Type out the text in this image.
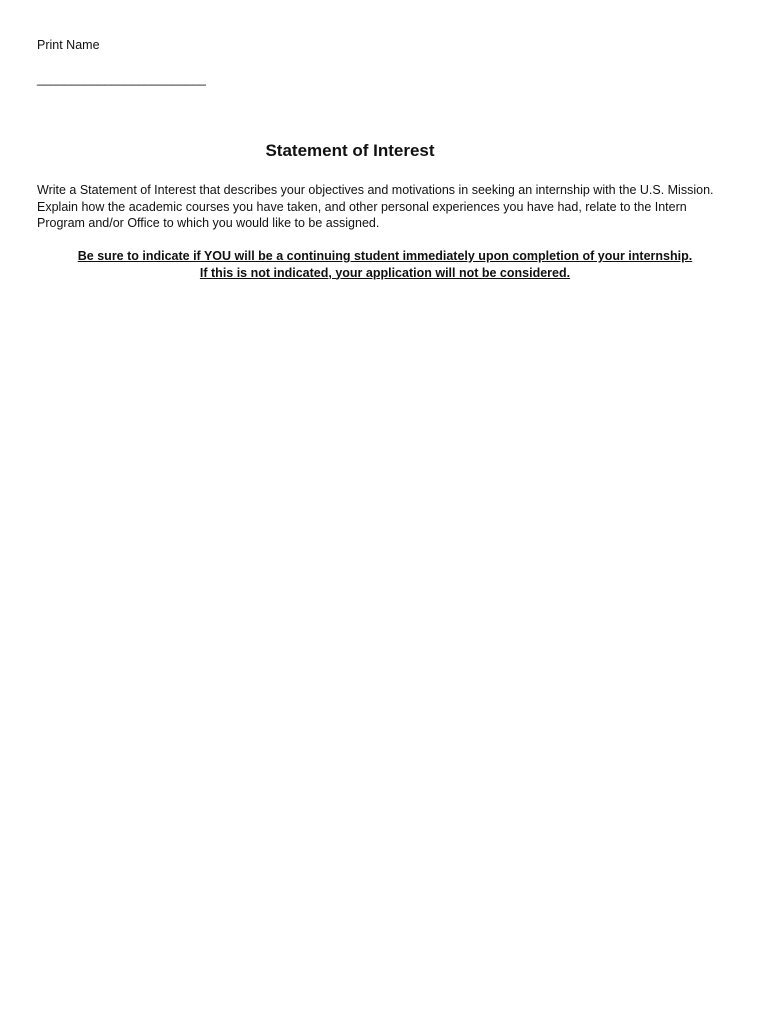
Print Name
_________________________
Statement of Interest

Write a Statement of Interest that describes your objectives and motivations in seeking an internship with the U.S. Mission.

Explain how the academic courses you have taken, and other personal experiences you have had, relate to the Intern

Program and/or Office to which you would like to be assigned.

Be sure to indicate if YOU will be a continuing student immediately upon completion of your internship.

If this is not indicated, your application will not be considered.
